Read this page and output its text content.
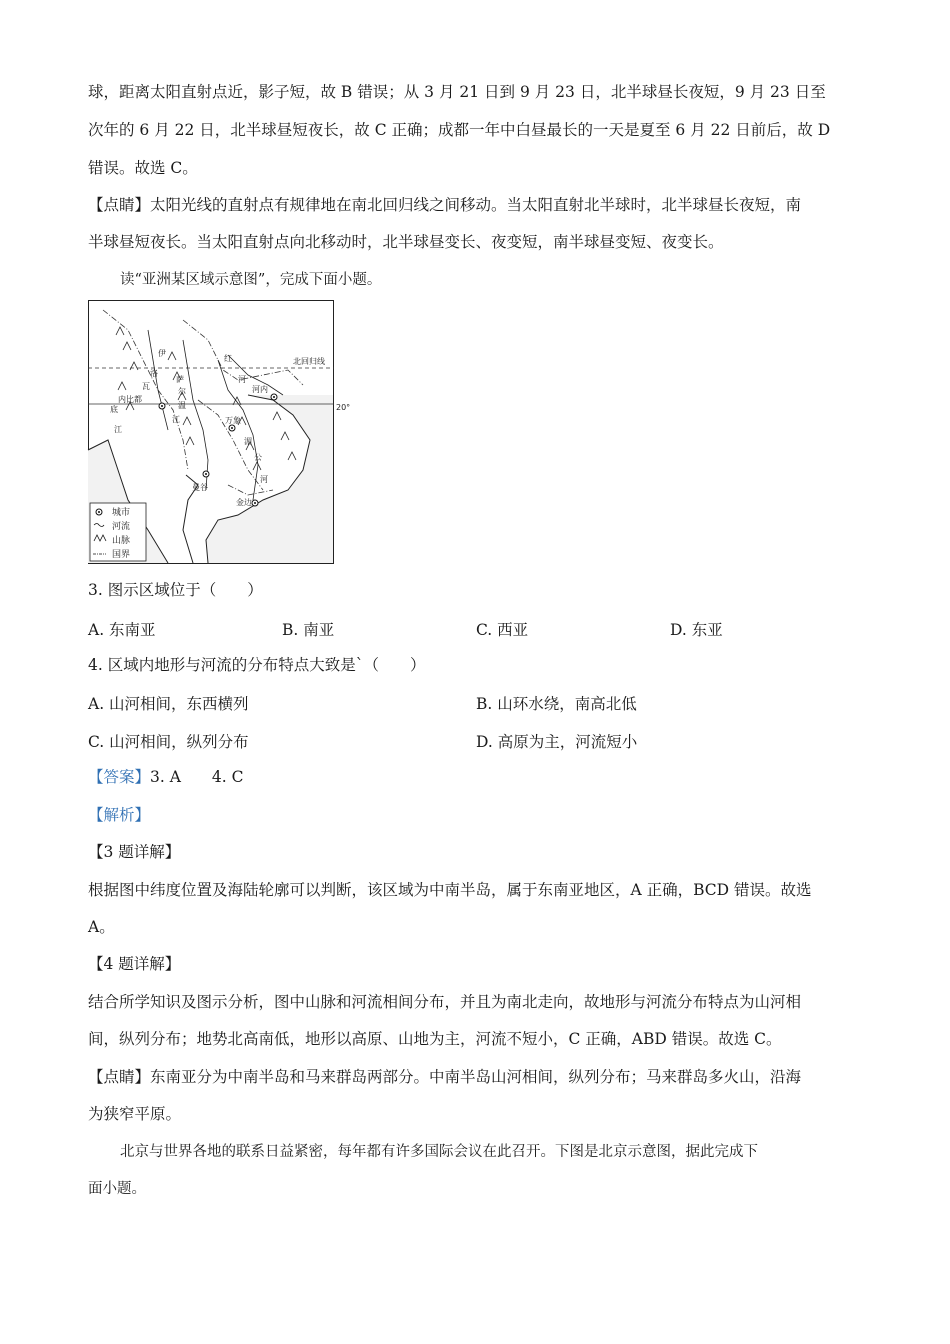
球，距离太阳直射点近，影子短，故 B 错误；从 3 月 21 日到 9 月 23 日，北半球昼长夜短，9 月 23 日至
次年的 6 月 22 日，北半球昼短夜长，故 C 正确；成都一年中白昼最长的一天是夏至 6 月 22 日前后，故 D
错误。故选 C。
【点睛】太阳光线的直射点有规律地在南北回归线之间移动。当太阳直射北半球时，北半球昼长夜短，南
半球昼短夜长。当太阳直射点向北移动时，北半球昼变长、夜变短，南半球昼变短、夜变长。
读“亚洲某区域示意图”，完成下面小题。
北回归线
红
河
河内
伊
洛
瓦
底
江
内比都
萨
尔
温
江	万象
湄
公
河
曼谷
金边
20°
城市
河流
山脉
国界
3. 图示区域位于（　　）
A. 东南亚	B. 南亚	C. 西亚	D. 东亚
4. 区域内地形与河流的分布特点大致是`（　　）
A. 山河相间，东西横列	B. 山环水绕，南高北低
C. 山河相间，纵列分布	D. 高原为主，河流短小
【答案】3. A　　4. C
【解析】
【3 题详解】
根据图中纬度位置及海陆轮廓可以判断，该区域为中南半岛，属于东南亚地区，A 正确，BCD 错误。故选
A。
【4 题详解】
结合所学知识及图示分析，图中山脉和河流相间分布，并且为南北走向，故地形与河流分布特点为山河相
间，纵列分布；地势北高南低，地形以高原、山地为主，河流不短小，C 正确，ABD 错误。故选 C。
【点睛】东南亚分为中南半岛和马来群岛两部分。中南半岛山河相间，纵列分布；马来群岛多火山，沿海
为狭窄平原。
北京与世界各地的联系日益紧密，每年都有许多国际会议在此召开。下图是北京示意图，据此完成下
面小题。
